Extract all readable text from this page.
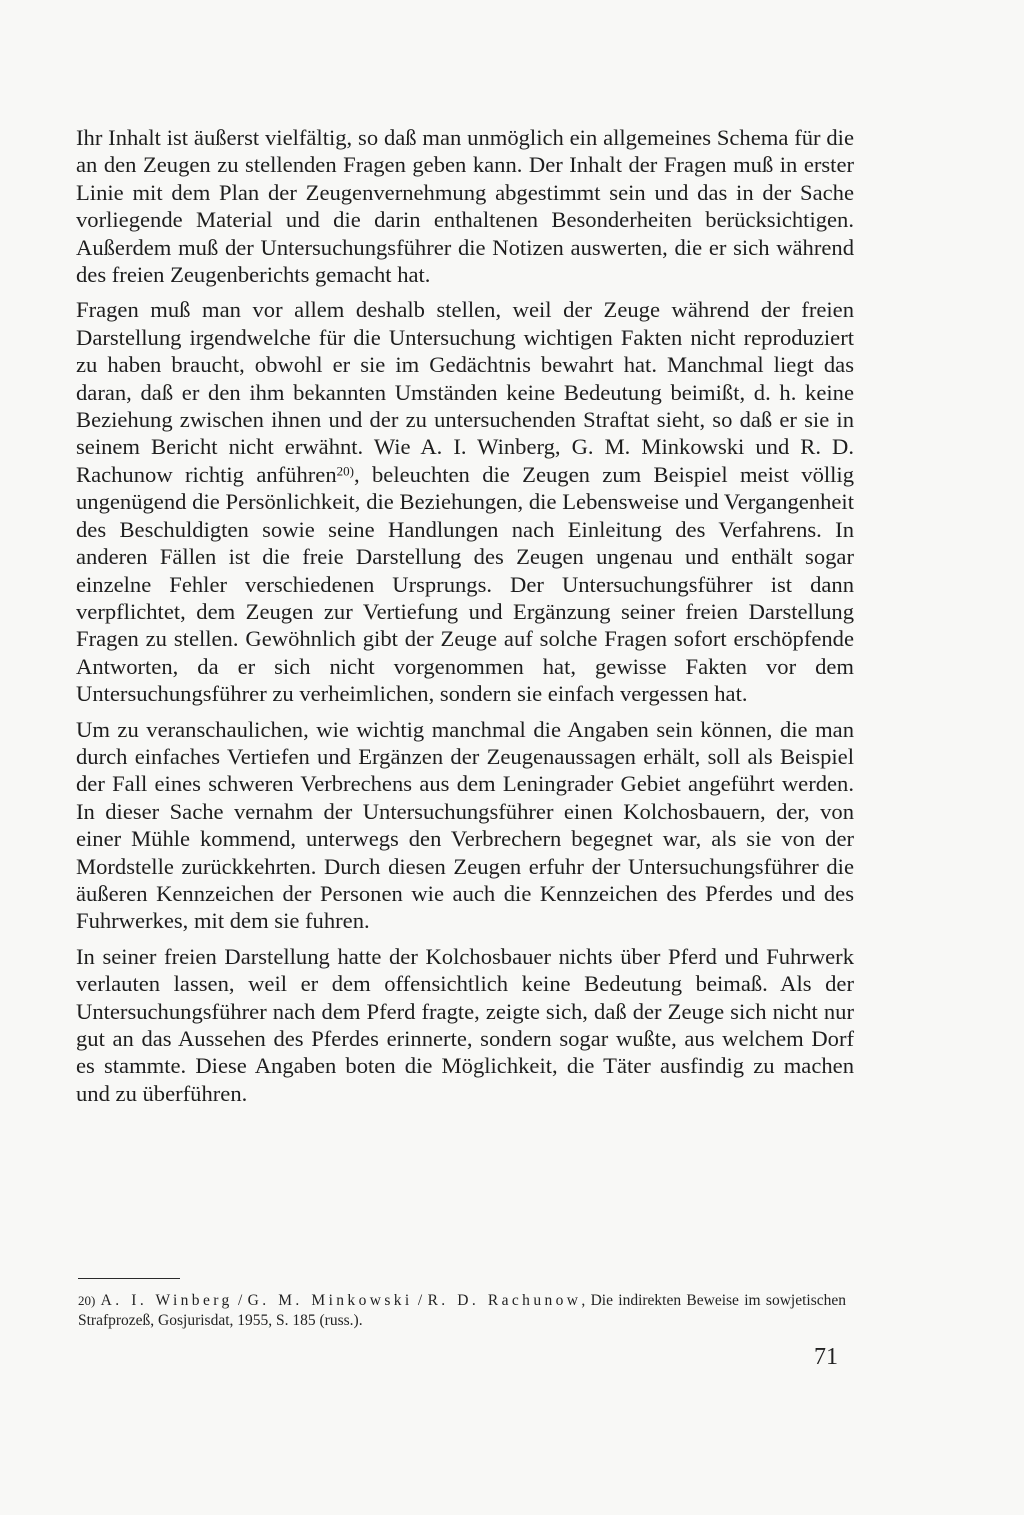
Ihr Inhalt ist äußerst vielfältig, so daß man unmöglich ein allgemeines Schema für die an den Zeugen zu stellenden Fragen geben kann. Der Inhalt der Fragen muß in erster Linie mit dem Plan der Zeugenvernehmung abgestimmt sein und das in der Sache vorliegende Material und die darin enthaltenen Besonderheiten berücksichtigen. Außerdem muß der Untersuchungsführer die Notizen auswerten, die er sich während des freien Zeugenberichts gemacht hat.

Fragen muß man vor allem deshalb stellen, weil der Zeuge während der freien Darstellung irgendwelche für die Untersuchung wichtigen Fakten nicht reproduziert zu haben braucht, obwohl er sie im Gedächtnis bewahrt hat. Manchmal liegt das daran, daß er den ihm bekannten Umständen keine Bedeutung beimißt, d. h. keine Beziehung zwischen ihnen und der zu untersuchenden Straftat sieht, so daß er sie in seinem Bericht nicht erwähnt. Wie A. I. Winberg, G. M. Minkowski und R. D. Rachunow richtig anführen$^{20)}$, beleuchten die Zeugen zum Beispiel meist völlig ungenügend die Persönlichkeit, die Beziehungen, die Lebensweise und Vergangenheit des Beschuldigten sowie seine Handlungen nach Einleitung des Verfahrens. In anderen Fällen ist die freie Darstellung des Zeugen ungenau und enthält sogar einzelne Fehler verschiedenen Ursprungs. Der Untersuchungsführer ist dann verpflichtet, dem Zeugen zur Vertiefung und Ergänzung seiner freien Darstellung Fragen zu stellen. Gewöhnlich gibt der Zeuge auf solche Fragen sofort erschöpfende Antworten, da er sich nicht vorgenommen hat, gewisse Fakten vor dem Untersuchungsführer zu verheimlichen, sondern sie einfach vergessen hat.

Um zu veranschaulichen, wie wichtig manchmal die Angaben sein können, die man durch einfaches Vertiefen und Ergänzen der Zeugenaussagen erhält, soll als Beispiel der Fall eines schweren Verbrechens aus dem Leningrader Gebiet angeführt werden. In dieser Sache vernahm der Untersuchungsführer einen Kolchosbauern, der, von einer Mühle kommend, unterwegs den Verbrechern begegnet war, als sie von der Mordstelle zurückkehrten. Durch diesen Zeugen erfuhr der Untersuchungsführer die äußeren Kennzeichen der Personen wie auch die Kennzeichen des Pferdes und des Fuhrwerkes, mit dem sie fuhren.

In seiner freien Darstellung hatte der Kolchosbauer nichts über Pferd und Fuhrwerk verlauten lassen, weil er dem offensichtlich keine Bedeutung beimaß. Als der Untersuchungsführer nach dem Pferd fragte, zeigte sich, daß der Zeuge sich nicht nur gut an das Aussehen des Pferdes erinnerte, sondern sogar wußte, aus welchem Dorf es stammte. Diese Angaben boten die Möglichkeit, die Täter ausfindig zu machen und zu überführen.

20) A. I. Winberg / G. M. Minkowski / R. D. Rachunow, Die indirekten Beweise im sowjetischen Strafprozeß, Gosjurisdat, 1955, S. 185 (russ.).
71
